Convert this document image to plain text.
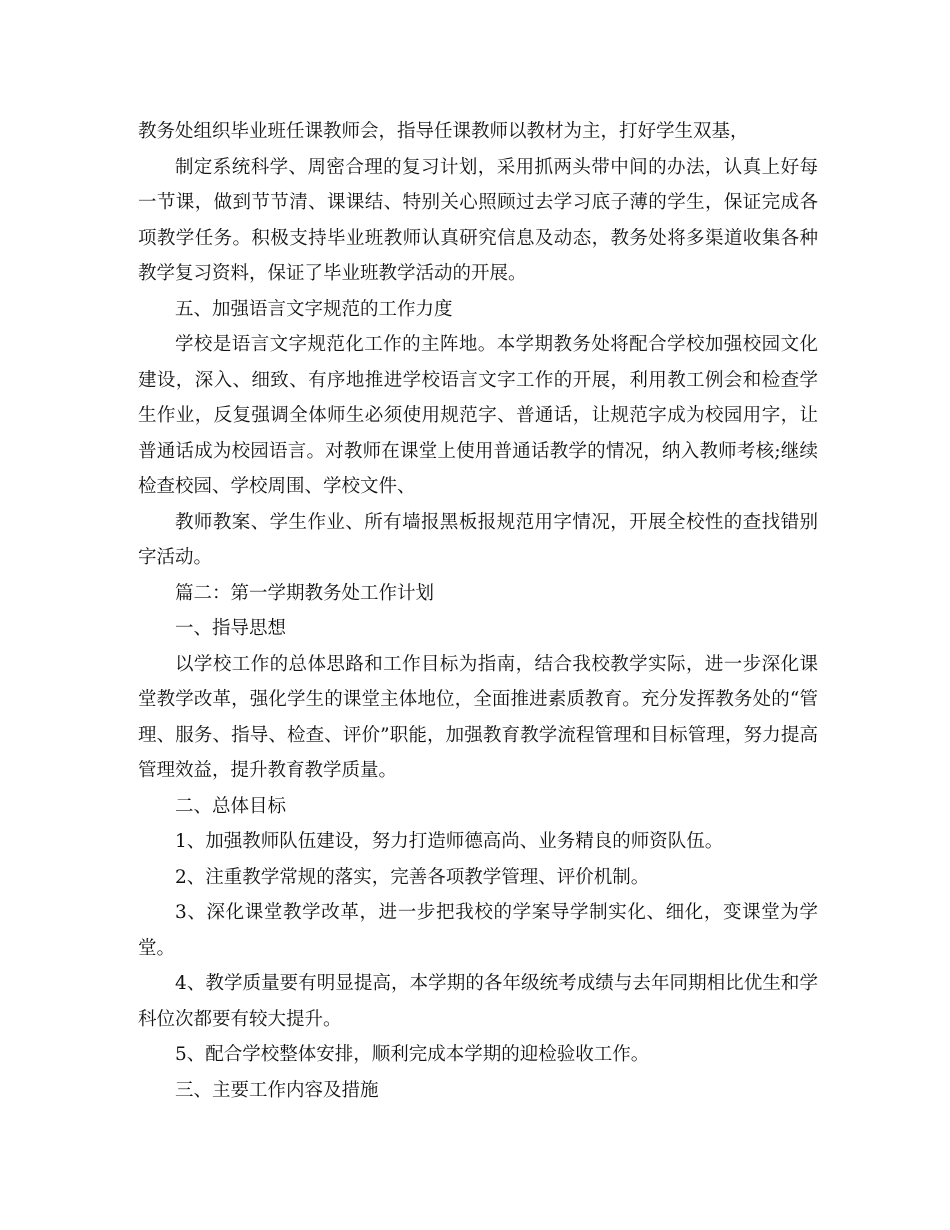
教务处组织毕业班任课教师会，指导任课教师以教材为主，打好学生双基，

制定系统科学、周密合理的复习计划，采用抓两头带中间的办法，认真上好每一节课，做到节节清、课课结、特别关心照顾过去学习底子薄的学生，保证完成各项教学任务。积极支持毕业班教师认真研究信息及动态，教务处将多渠道收集各种教学复习资料，保证了毕业班教学活动的开展。

五、加强语言文字规范的工作力度

学校是语言文字规范化工作的主阵地。本学期教务处将配合学校加强校园文化建设，深入、细致、有序地推进学校语言文字工作的开展，利用教工例会和检查学生作业，反复强调全体师生必须使用规范字、普通话，让规范字成为校园用字，让普通话成为校园语言。对教师在课堂上使用普通话教学的情况，纳入教师考核;继续检查校园、学校周围、学校文件、

教师教案、学生作业、所有墙报黑板报规范用字情况，开展全校性的查找错别字活动。

篇二：第一学期教务处工作计划

一、指导思想

以学校工作的总体思路和工作目标为指南，结合我校教学实际，进一步深化课堂教学改革，强化学生的课堂主体地位，全面推进素质教育。充分发挥教务处的“管理、服务、指导、检查、评价”职能，加强教育教学流程管理和目标管理，努力提高管理效益，提升教育教学质量。

二、总体目标

1、加强教师队伍建设，努力打造师德高尚、业务精良的师资队伍。

2、注重教学常规的落实，完善各项教学管理、评价机制。

3、深化课堂教学改革，进一步把我校的学案导学制实化、细化，变课堂为学堂。

4、教学质量要有明显提高，本学期的各年级统考成绩与去年同期相比优生和学科位次都要有较大提升。

5、配合学校整体安排，顺利完成本学期的迎检验收工作。

三、主要工作内容及措施
